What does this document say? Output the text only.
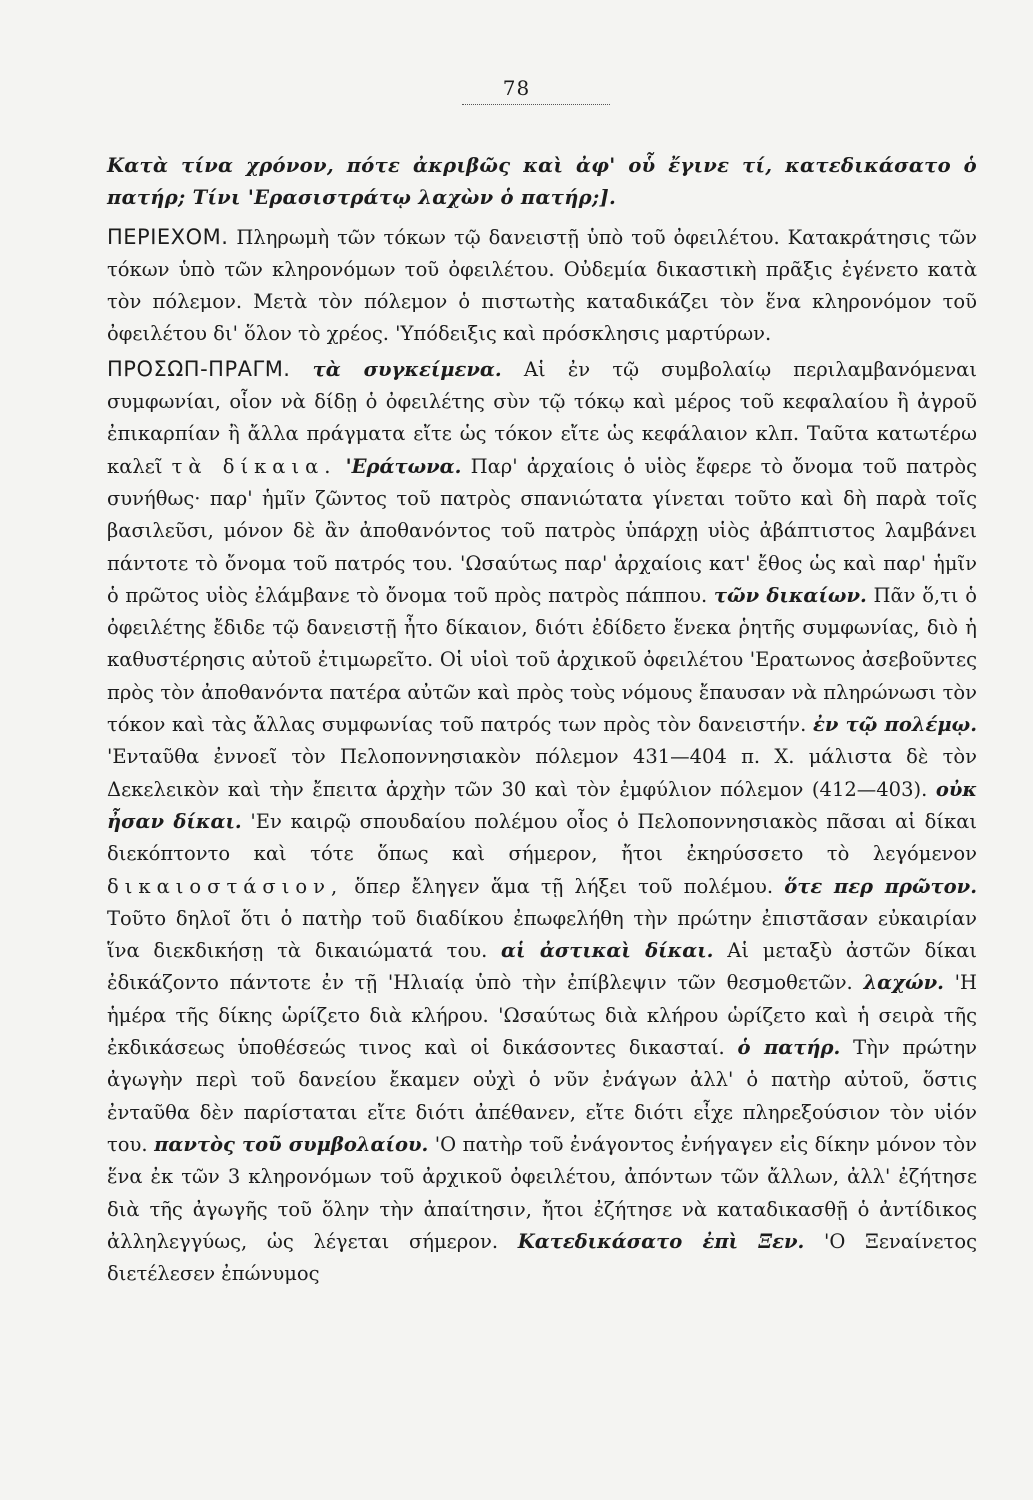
78

Κατὰ τίνα χρόνον, πότε ἀκριβῶς καὶ ἀφ' οὗ ἔγινε τί, κατεδικάσατο ὁ πατήρ; Τίνι 'Ερασιστράτῳ λαχὼν ὁ πατήρ;].

ΠΕΡΙΕΧΟΜ. Πληρωμὴ τῶν τόκων τῷ δανειστῇ ὑπὸ τοῦ ὀφειλέτου. Κατακράτησις τῶν τόκων ὑπὸ τῶν κληρονόμων τοῦ ὀφειλέτου. Οὐδεμία δικαστικὴ πρᾶξις ἐγένετο κατὰ τὸν πόλεμον. Μετὰ τὸν πόλεμον ὁ πιστωτὴς καταδικάζει τὸν ἕνα κληρονόμον τοῦ ὀφειλέτου δι' ὅλον τὸ χρέος. 'Υπόδειξις καὶ πρόσκλησις μαρτύρων.

ΠΡΟΣΩΠ-ΠΡΑΓΜ. τὰ συγκείμενα. Αἱ ἐν τῷ συμβολαίῳ περιλαμβανόμεναι συμφωνίαι, οἷον νὰ δίδῃ ὁ ὀφειλέτης σὺν τῷ τόκῳ καὶ μέρος τοῦ κεφαλαίου ἢ ἀγροῦ ἐπικαρπίαν ἢ ἄλλα πράγματα εἴτε ὡς τόκον εἴτε ὡς κεφάλαιον κλπ. Ταῦτα κατωτέρω καλεῖ τὰ δίκαια. 'Εράτωνα. Παρ' ἀρχαίοις ὁ υἱὸς ἔφερε τὸ ὄνομα τοῦ πατρὸς συνήθως· παρ' ἡμῖν ζῶντος τοῦ πατρὸς σπανιώτατα γίνεται τοῦτο καὶ δὴ παρὰ τοῖς βασιλεῦσι, μόνον δὲ ἂν ἀποθανόντος τοῦ πατρὸς ὑπάρχῃ υἱὸς ἀβάπτιστος λαμβάνει πάντοτε τὸ ὄνομα τοῦ πατρός του. 'Ωσαύτως παρ' ἀρχαίοις κατ' ἔθος ὡς καὶ παρ' ἡμῖν ὁ πρῶτος υἱὸς ἐλάμβανε τὸ ὄνομα τοῦ πρὸς πατρὸς πάππου. τῶν δικαίων. Πᾶν ὅ,τι ὁ ὀφειλέτης ἔδιδε τῷ δανειστῇ ἦτο δίκαιον, διότι ἐδίδετο ἕνεκα ῥητῆς συμφωνίας, διὸ ἡ καθυστέρησις αὐτοῦ ἐτιμωρεῖτο. Οἱ υἱοὶ τοῦ ἀρχικοῦ ὀφειλέτου 'Ερατωνος ἀσεβοῦντες πρὸς τὸν ἀποθανόντα πατέρα αὐτῶν καὶ πρὸς τοὺς νόμους ἔπαυσαν νὰ πληρώνωσι τὸν τόκον καὶ τὰς ἄλλας συμφωνίας τοῦ πατρός των πρὸς τὸν δανειστήν. ἐν τῷ πολέμῳ. 'Ενταῦθα ἐννοεῖ τὸν Πελοποννησιακὸν πόλεμον 431—404 π. Χ. μάλιστα δὲ τὸν Δεκελεικὸν καὶ τὴν ἔπειτα ἀρχὴν τῶν 30 καὶ τὸν ἐμφύλιον πόλεμον (412—403). οὐκ ἦσαν δίκαι. 'Εν καιρῷ σπουδαίου πολέμου οἷος ὁ Πελοποννησιακὸς πᾶσαι αἱ δίκαι διεκόπτοντο καὶ τότε ὅπως καὶ σήμερον, ἤτοι ἐκηρύσσετο τὸ λεγόμενον δικαιοστάσιον, ὅπερ ἔληγεν ἅμα τῇ λήξει τοῦ πολέμου. ὅτε περ πρῶτον. Τοῦτο δηλοῖ ὅτι ὁ πατὴρ τοῦ διαδίκου ἐπωφελήθη τὴν πρώτην ἐπιστᾶσαν εὐκαιρίαν ἵνα διεκδικήσῃ τὰ δικαιώματά του. αἱ ἀστικαὶ δίκαι. Αἱ μεταξὺ ἀστῶν δίκαι ἐδικάζοντο πάντοτε ἐν τῇ 'Ηλιαίᾳ ὑπὸ τὴν ἐπίβλεψιν τῶν θεσμοθετῶν. λαχών. 'Η ἡμέρα τῆς δίκης ὡρίζετο διὰ κλήρου. 'Ωσαύτως διὰ κλήρου ὡρίζετο καὶ ἡ σειρὰ τῆς ἐκδικάσεως ὑποθέσεώς τινος καὶ οἱ δικάσοντες δικασταί. ὁ πατήρ. Τὴν πρώτην ἀγωγὴν περὶ τοῦ δανείου ἔκαμεν οὐχὶ ὁ νῦν ἐνάγων ἀλλ' ὁ πατὴρ αὐτοῦ, ὅστις ἐνταῦθα δὲν παρίσταται εἴτε διότι ἀπέθανεν, εἴτε διότι εἶχε πληρεξούσιον τὸν υἱόν του. παντὸς τοῦ συμβολαίου. 'Ο πατὴρ τοῦ ἐνάγοντος ἐνήγαγεν εἰς δίκην μόνον τὸν ἕνα ἐκ τῶν 3 κληρονόμων τοῦ ἀρχικοῦ ὀφειλέτου, ἀπόντων τῶν ἄλλων, ἀλλ' ἐζήτησε διὰ τῆς ἀγωγῆς τοῦ ὅλην τὴν ἀπαίτησιν, ἤτοι ἐζήτησε νὰ καταδικασθῇ ὁ ἀντίδικος ἀλληλεγγύως, ὡς λέγεται σήμερον. Κατεδικάσατο ἐπὶ Ξεν. 'Ο Ξεναίνετος διετέλεσεν ἐπώνυμος
